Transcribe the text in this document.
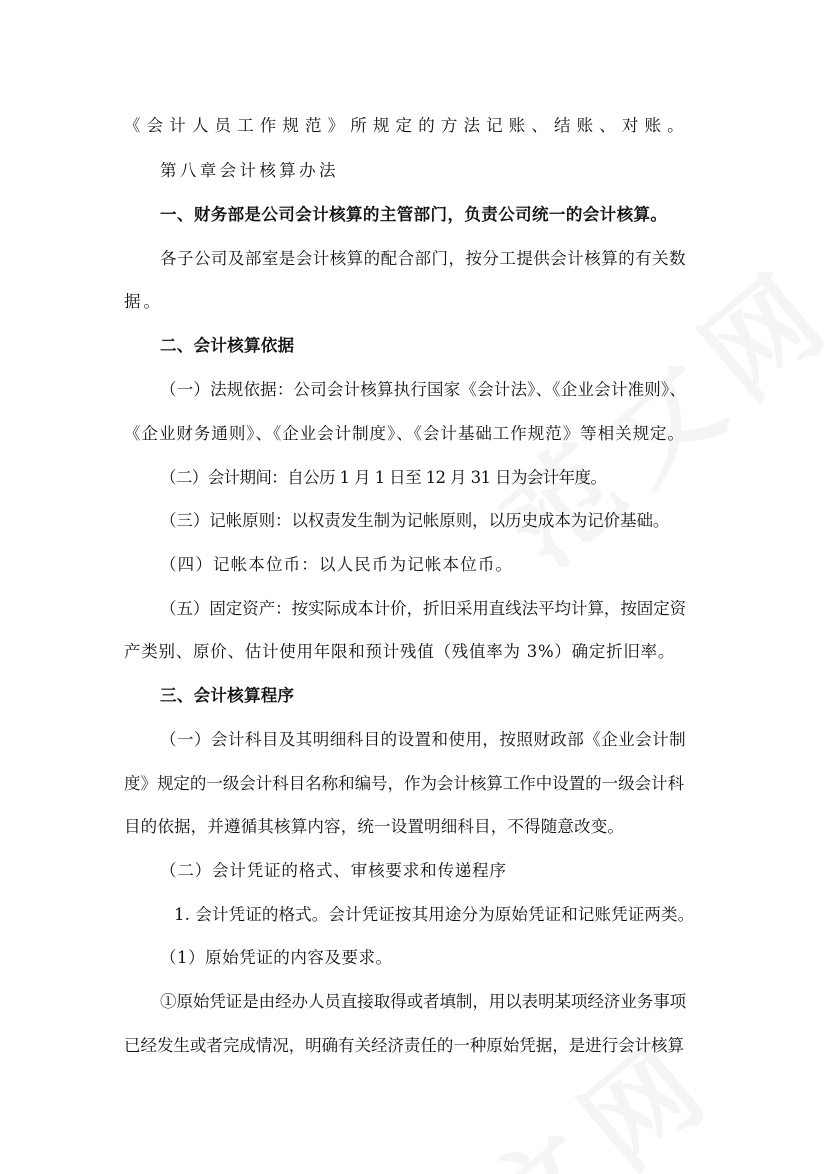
《会计人员工作规范》所规定的方法记账、结账、对账。
第八章会计核算办法
一、财务部是公司会计核算的主管部门，负责公司统一的会计核算。
各子公司及部室是会计核算的配合部门，按分工提供会计核算的有关数
据。
二、会计核算依据
（一）法规依据：公司会计核算执行国家《会计法》、《企业会计准则》、
《企业财务通则》、《企业会计制度》、《会计基础工作规范》等相关规定。
（二）会计期间：自公历 1 月 1 日至 12 月 31 日为会计年度。
（三）记帐原则：以权责发生制为记帐原则，以历史成本为记价基础。
（四）记帐本位币：以人民币为记帐本位币。
（五）固定资产：按实际成本计价，折旧采用直线法平均计算，按固定资
产类别、原价、估计使用年限和预计残值（残值率为 3%）确定折旧率。
三、会计核算程序
（一）会计科目及其明细科目的设置和使用，按照财政部《企业会计制
度》规定的一级会计科目名称和编号，作为会计核算工作中设置的一级会计科
目的依据，并遵循其核算内容，统一设置明细科目，不得随意改变。
（二）会计凭证的格式、审核要求和传递程序
1. 会计凭证的格式。会计凭证按其用途分为原始凭证和记账凭证两类。
（1）原始凭证的内容及要求。
①原始凭证是由经办人员直接取得或者填制，用以表明某项经济业务事项
已经发生或者完成情况，明确有关经济责任的一种原始凭据，是进行会计核算
